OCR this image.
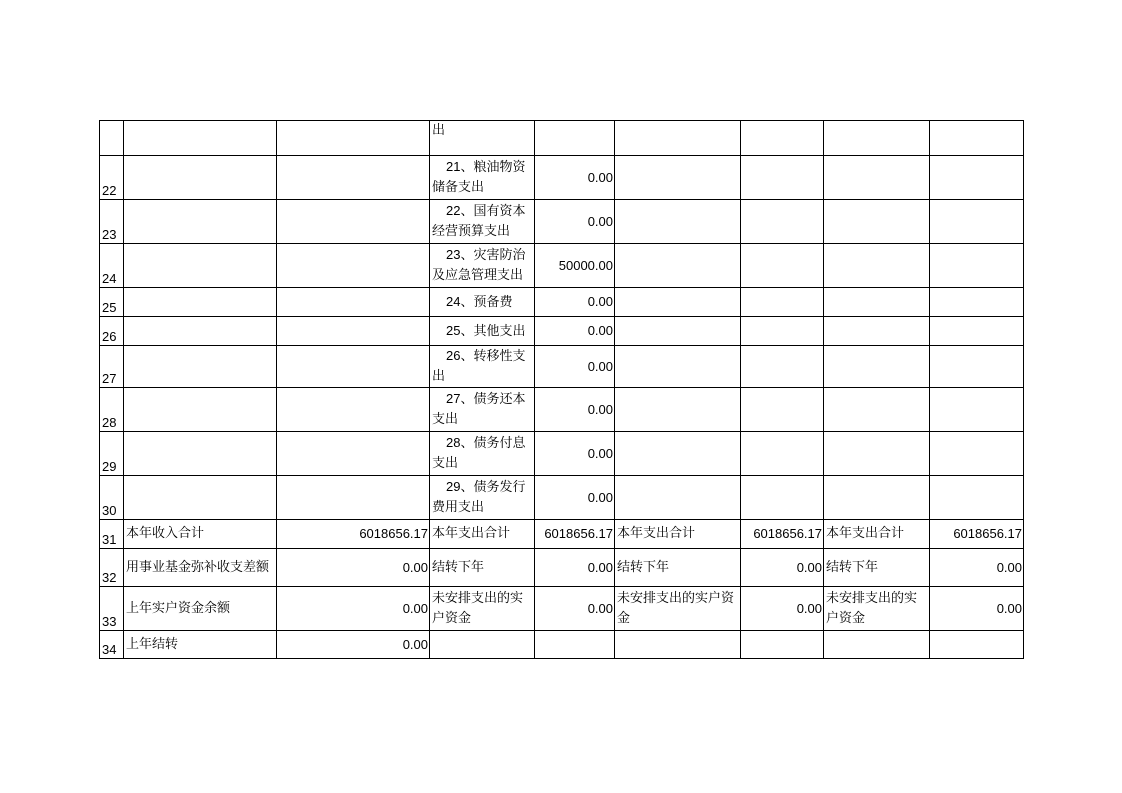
			出					
22			21、粮油物资储备支出	0.00				
23			22、国有资本经营预算支出	0.00				
24			23、灾害防治及应急管理支出	50000.00				
25			24、预备费	0.00				
26			25、其他支出	0.00				
27			26、转移性支出	0.00				
28			27、债务还本支出	0.00				
29			28、债务付息支出	0.00				
30			29、债务发行费用支出	0.00				
31	本年收入合计	6018656.17	本年支出合计	6018656.17	本年支出合计	6018656.17	本年支出合计	6018656.17
32	用事业基金弥补收支差额	0.00	结转下年	0.00	结转下年	0.00	结转下年	0.00
33	上年实户资金余额	0.00	未安排支出的实户资金	0.00	未安排支出的实户资金	0.00	未安排支出的实户资金	0.00
34	上年结转	0.00						
